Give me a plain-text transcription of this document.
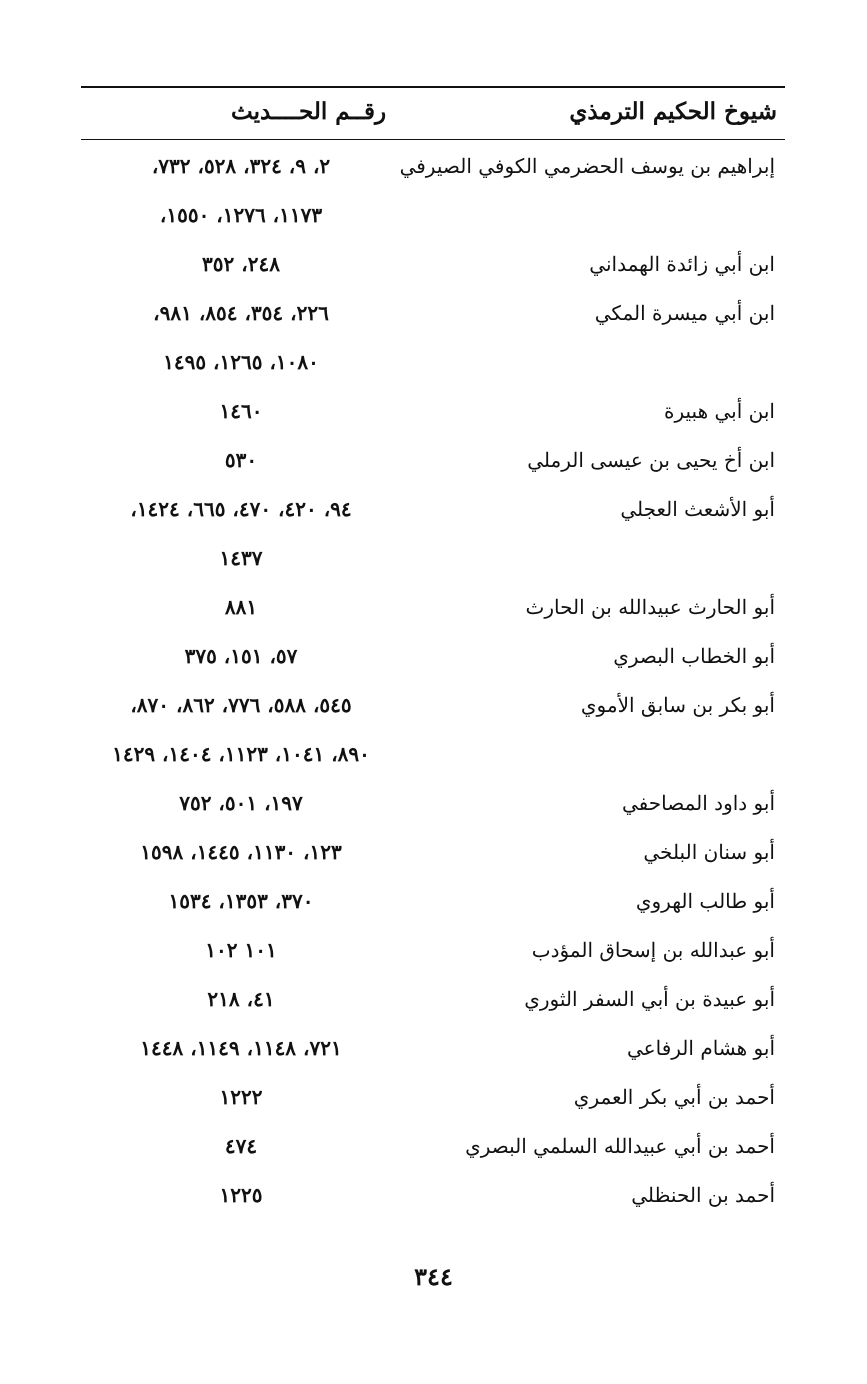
شيوخ الحكيم الترمذي
رقــم الحــــديث
إبراهيم بن يوسف الحضرمي الكوفي الصيرفي
٢، ٩، ٣٢٤، ٥٢٨، ٧٣٢،
١١٧٣، ١٢٧٦، ١٥٥٠،
ابن أبي زائدة الهمداني
٢٤٨، ٣٥٢
ابن أبي ميسرة المكي
٢٢٦، ٣٥٤، ٨٥٤، ٩٨١،
١٠٨٠، ١٢٦٥، ١٤٩٥
ابن أبي هبيرة
١٤٦٠
ابن أخ يحيى بن عيسى الرملي
٥٣٠
أبو الأشعث العجلي
٩٤، ٤٢٠، ٤٧٠، ٦٦٥، ١٤٢٤،
١٤٣٧
أبو الحارث عبيدالله بن الحارث
٨٨١
أبو الخطاب البصري
٥٧، ١٥١، ٣٧٥
أبو بكر بن سابق الأموي
٥٤٥، ٥٨٨، ٧٧٦، ٨٦٢، ٨٧٠،
٨٩٠، ١٠٤١، ١١٢٣، ١٤٠٤، ١٤٢٩
أبو داود المصاحفي
١٩٧، ٥٠١، ٧٥٢
أبو سنان البلخي
١٢٣، ١١٣٠، ١٤٤٥، ١٥٩٨
أبو طالب الهروي
٣٧٠، ١٣٥٣، ١٥٣٤
أبو عبدالله بن إسحاق المؤدب
١٠١ ١٠٢
أبو عبيدة بن أبي السفر الثوري
٤١، ٢١٨
أبو هشام الرفاعي
٧٢١، ١١٤٨، ١١٤٩، ١٤٤٨
أحمد بن أبي بكر العمري
١٢٢٢
أحمد بن أبي عبيدالله السلمي البصري
٤٧٤
أحمد بن الحنظلي
١٢٢٥
٣٤٤
